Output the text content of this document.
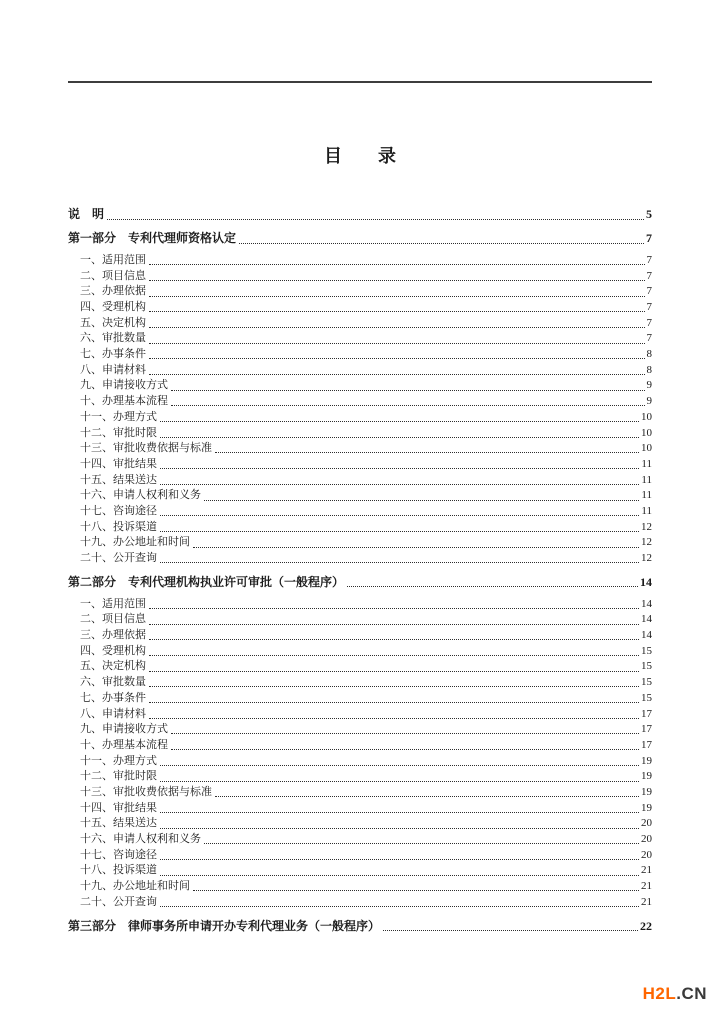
目　　录
说　明	5
第一部分　专利代理师资格认定	7
一、适用范围	7
二、项目信息	7
三、办理依据	7
四、受理机构	7
五、决定机构	7
六、审批数量	7
七、办事条件	8
八、申请材料	8
九、申请接收方式	9
十、办理基本流程	9
十一、办理方式	10
十二、审批时限	10
十三、审批收费依据与标准	10
十四、审批结果	11
十五、结果送达	11
十六、申请人权利和义务	11
十七、咨询途径	11
十八、投诉渠道	12
十九、办公地址和时间	12
二十、公开查询	12
第二部分　专利代理机构执业许可审批（一般程序）	14
一、适用范围	14
二、项目信息	14
三、办理依据	14
四、受理机构	15
五、决定机构	15
六、审批数量	15
七、办事条件	15
八、申请材料	17
九、申请接收方式	17
十、办理基本流程	17
十一、办理方式	19
十二、审批时限	19
十三、审批收费依据与标准	19
十四、审批结果	19
十五、结果送达	20
十六、申请人权利和义务	20
十七、咨询途径	20
十八、投诉渠道	21
十九、办公地址和时间	21
二十、公开查询	21
第三部分　律师事务所申请开办专利代理业务（一般程序）	22
H2L.CN
